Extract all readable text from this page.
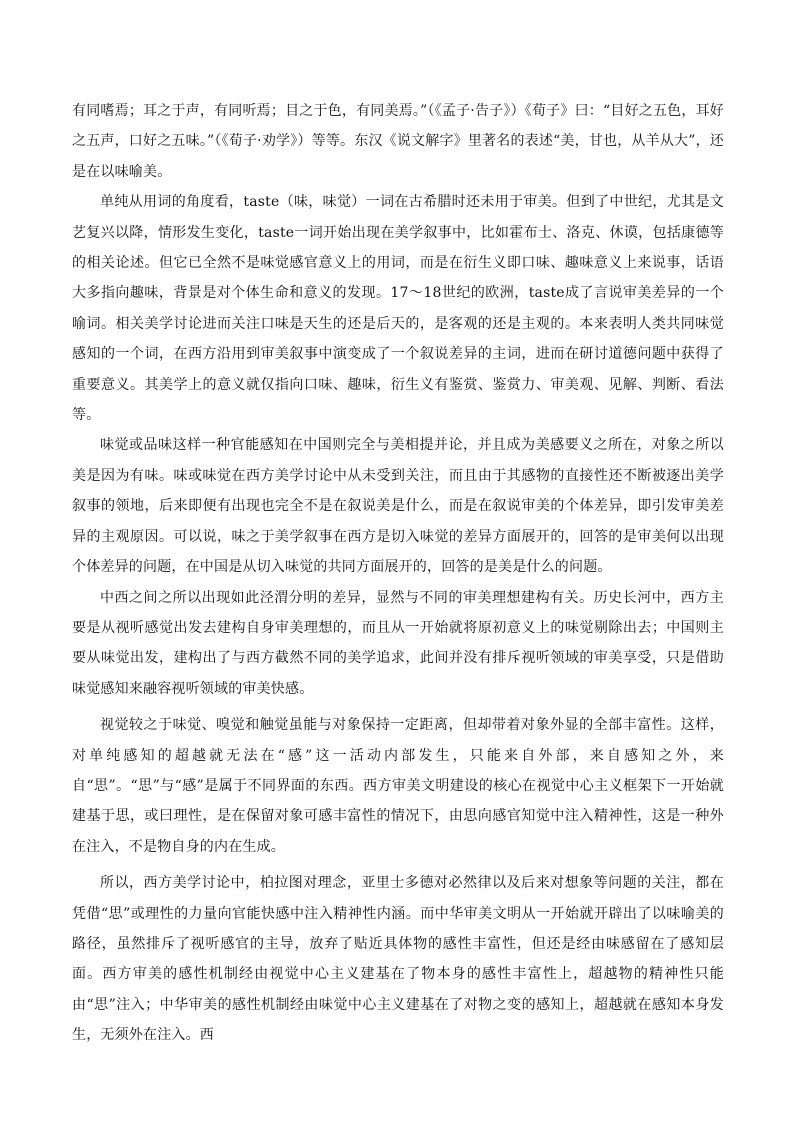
有同嗜焉；耳之于声，有同听焉；目之于色，有同美焉。”（《孟子·告子》）《荀子》曰：“目好之五色，耳好之五声，口好之五味。”（《荀子·劝学》）等等。东汉《说文解字》里著名的表述“美，甘也，从羊从大”，还是在以味喻美。

单纯从用词的角度看，taste（味，味觉）一词在古希腊时还未用于审美。但到了中世纪，尤其是文艺复兴以降，情形发生变化，taste一词开始出现在美学叙事中，比如霍布士、洛克、休谟，包括康德等的相关论述。但它已全然不是味觉感官意义上的用词，而是在衍生义即口味、趣味意义上来说事，话语大多指向趣味，背景是对个体生命和意义的发现。17～18世纪的欧洲，taste成了言说审美差异的一个喻词。相关美学讨论进而关注口味是天生的还是后天的，是客观的还是主观的。本来表明人类共同味觉感知的一个词，在西方沿用到审美叙事中演变成了一个叙说差异的主词，进而在研讨道德问题中获得了重要意义。其美学上的意义就仅指向口味、趣味，衍生义有鉴赏、鉴赏力、审美观、见解、判断、看法等。

味觉或品味这样一种官能感知在中国则完全与美相提并论，并且成为美感要义之所在，对象之所以美是因为有味。味或味觉在西方美学讨论中从未受到关注，而且由于其感物的直接性还不断被逐出美学叙事的领地，后来即便有出现也完全不是在叙说美是什么，而是在叙说审美的个体差异，即引发审美差异的主观原因。可以说，味之于美学叙事在西方是切入味觉的差异方面展开的，回答的是审美何以出现个体差异的问题，在中国是从切入味觉的共同方面展开的，回答的是美是什么的问题。

中西之间之所以出现如此泾渭分明的差异，显然与不同的审美理想建构有关。历史长河中，西方主要是从视听感觉出发去建构自身审美理想的，而且从一开始就将原初意义上的味觉剔除出去；中国则主要从味觉出发，建构出了与西方截然不同的美学追求，此间并没有排斥视听领域的审美享受，只是借助味觉感知来融容视听领域的审美快感。

视觉较之于味觉、嗅觉和触觉虽能与对象保持一定距离，但却带着对象外显的全部丰富性。这样，对单纯感知的超越就无法在“感”这一活动内部发生，只能来自外部，来自感知之外，来自“思”。“思”与“感”是属于不同界面的东西。西方审美文明建设的核心在视觉中心主义框架下一开始就建基于思，或曰理性，是在保留对象可感丰富性的情况下，由思向感官知觉中注入精神性，这是一种外在注入，不是物自身的内在生成。

所以，西方美学讨论中，柏拉图对理念，亚里士多德对必然律以及后来对想象等问题的关注，都在凭借“思”或理性的力量向官能快感中注入精神性内涵。而中华审美文明从一开始就开辟出了以味喻美的路径，虽然排斥了视听感官的主导，放弃了贴近具体物的感性丰富性，但还是经由味感留在了感知层面。西方审美的感性机制经由视觉中心主义建基在了物本身的感性丰富性上，超越物的精神性只能由“思”注入；中华审美的感性机制经由味觉中心主义建基在了对物之变的感知上，超越就在感知本身发生，无须外在注入。西
